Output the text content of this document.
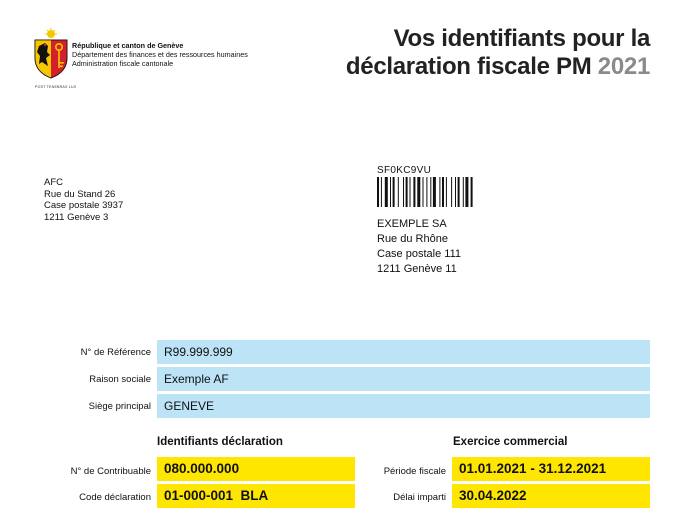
République et canton de Genève
Département des finances et des ressources humaines
Administration fiscale cantonale
POST TENEBRAS LUX
Vos identifiants pour la
déclaration fiscale PM 2021
AFC
Rue du Stand 26
Case postale 3937
1211 Genève 3
SF0KC9VU
EXEMPLE SA
Rue du Rhône
Case postale 111
1211 Genève 11
N° de Référence R99.999.999
Raison sociale Exemple AF
Siège principal GENEVE
Identifiants déclaration	Exercice commercial
N° de Contribuable 080.000.000
Code déclaration 01-000-001  BLA
Période fiscale 01.01.2021 - 31.12.2021
Délai imparti 30.04.2022
